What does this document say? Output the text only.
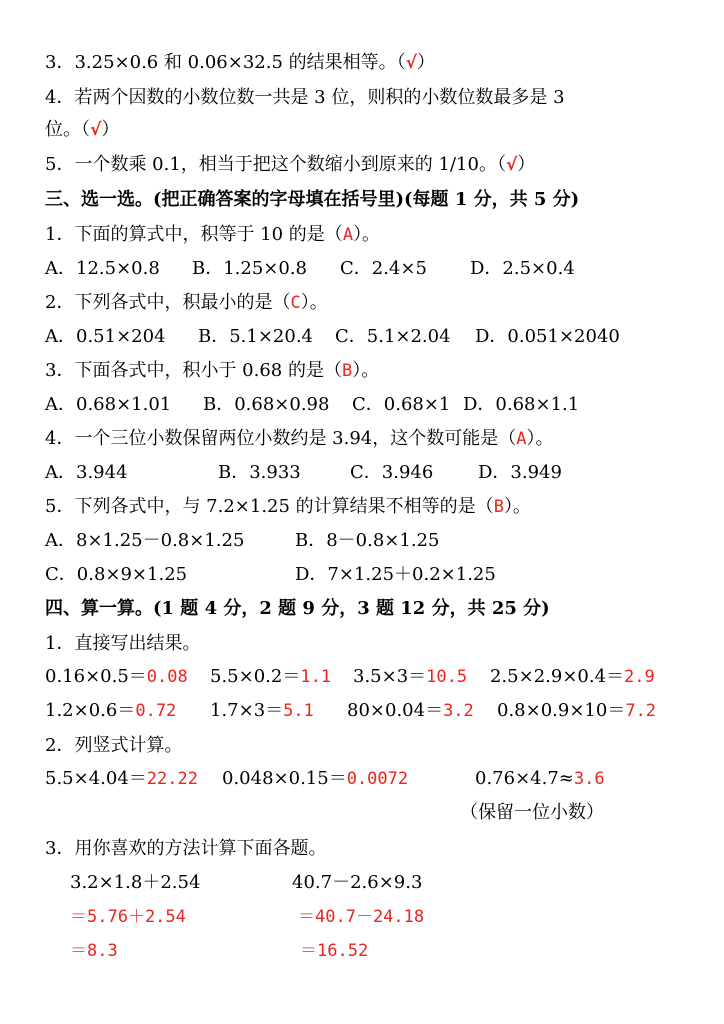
3．3.25×0.6 和 0.06×32.5 的结果相等。（√）
4．若两个因数的小数位数一共是 3 位，则积的小数位数最多是 3
位。（√）
5．一个数乘 0.1，相当于把这个数缩小到原来的 1/10。（√）
三、选一选。(把正确答案的字母填在括号里)(每题 1 分，共 5 分)
1．下面的算式中，积等于 10 的是（A）。
A．12.5×0.8 B．1.25×0.8 C．2.4×5 D．2.5×0.4
2．下列各式中，积最小的是（C）。
A．0.51×204 B．5.1×20.4 C．5.1×2.04 D．0.051×2040
3．下面各式中，积小于 0.68 的是（B）。
A．0.68×1.01 B．0.68×0.98 C．0.68×1 D．0.68×1.1
4．一个三位小数保留两位小数约是 3.94，这个数可能是（A）。
A．3.944	B．3.933	C．3.946 D．3.949
5．下列各式中，与 7.2×1.25 的计算结果不相等的是（B）。
A．8×1.25－0.8×1.25	B．8－0.8×1.25
C．0.8×9×1.25	D．7×1.25＋0.2×1.25
四、算一算。(1 题 4 分，2 题 9 分，3 题 12 分，共 25 分)
1．直接写出结果。
0.16×0.5＝0.08 5.5×0.2＝1.1 3.5×3＝10.5 2.5×2.9×0.4＝2.9
1.2×0.6＝0.72 1.7×3＝5.1 80×0.04＝3.2 0.8×0.9×10＝7.2
2．列竖式计算。
5.5×4.04＝22.22 0.048×0.15＝0.0072	0.76×4.7≈3.6
（保留一位小数）
3．用你喜欢的方法计算下面各题。
3.2×1.8＋2.54	40.7－2.6×9.3
＝5.76＋2.54	＝40.7－24.18
＝8.3	＝16.52
